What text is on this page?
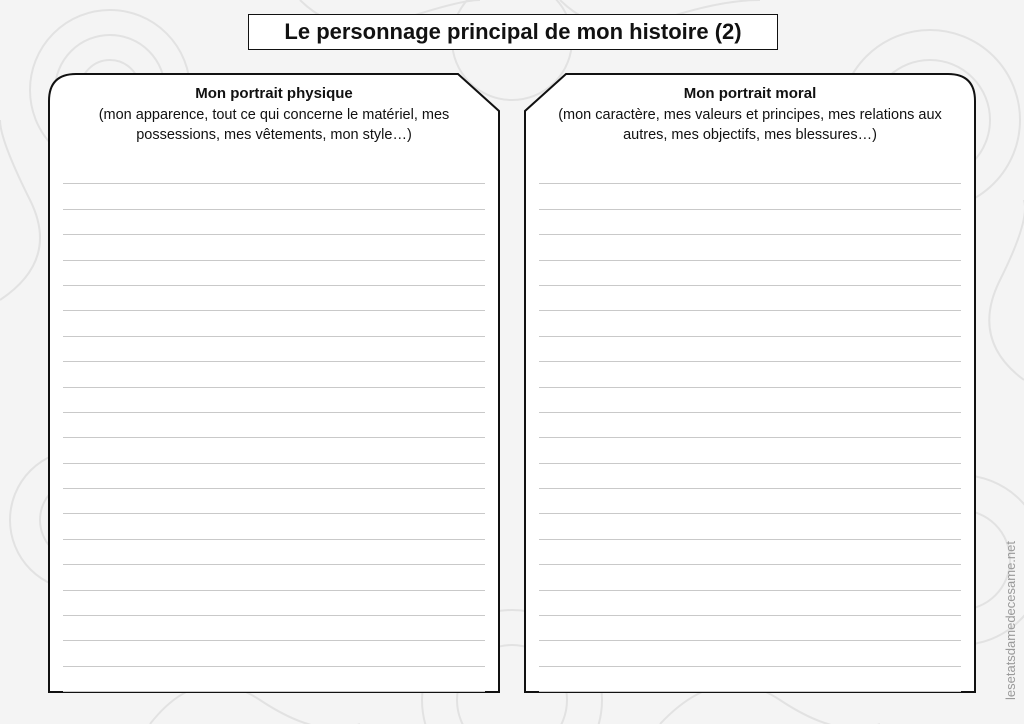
Le personnage principal de mon histoire (2)
Mon portrait physique
(mon apparence, tout ce qui concerne le matériel, mes possessions, mes vêtements, mon style…)
Mon portrait moral
(mon caractère, mes valeurs et principes, mes relations aux autres, mes objectifs, mes blessures…)
lesetatsdamedecesame.net
